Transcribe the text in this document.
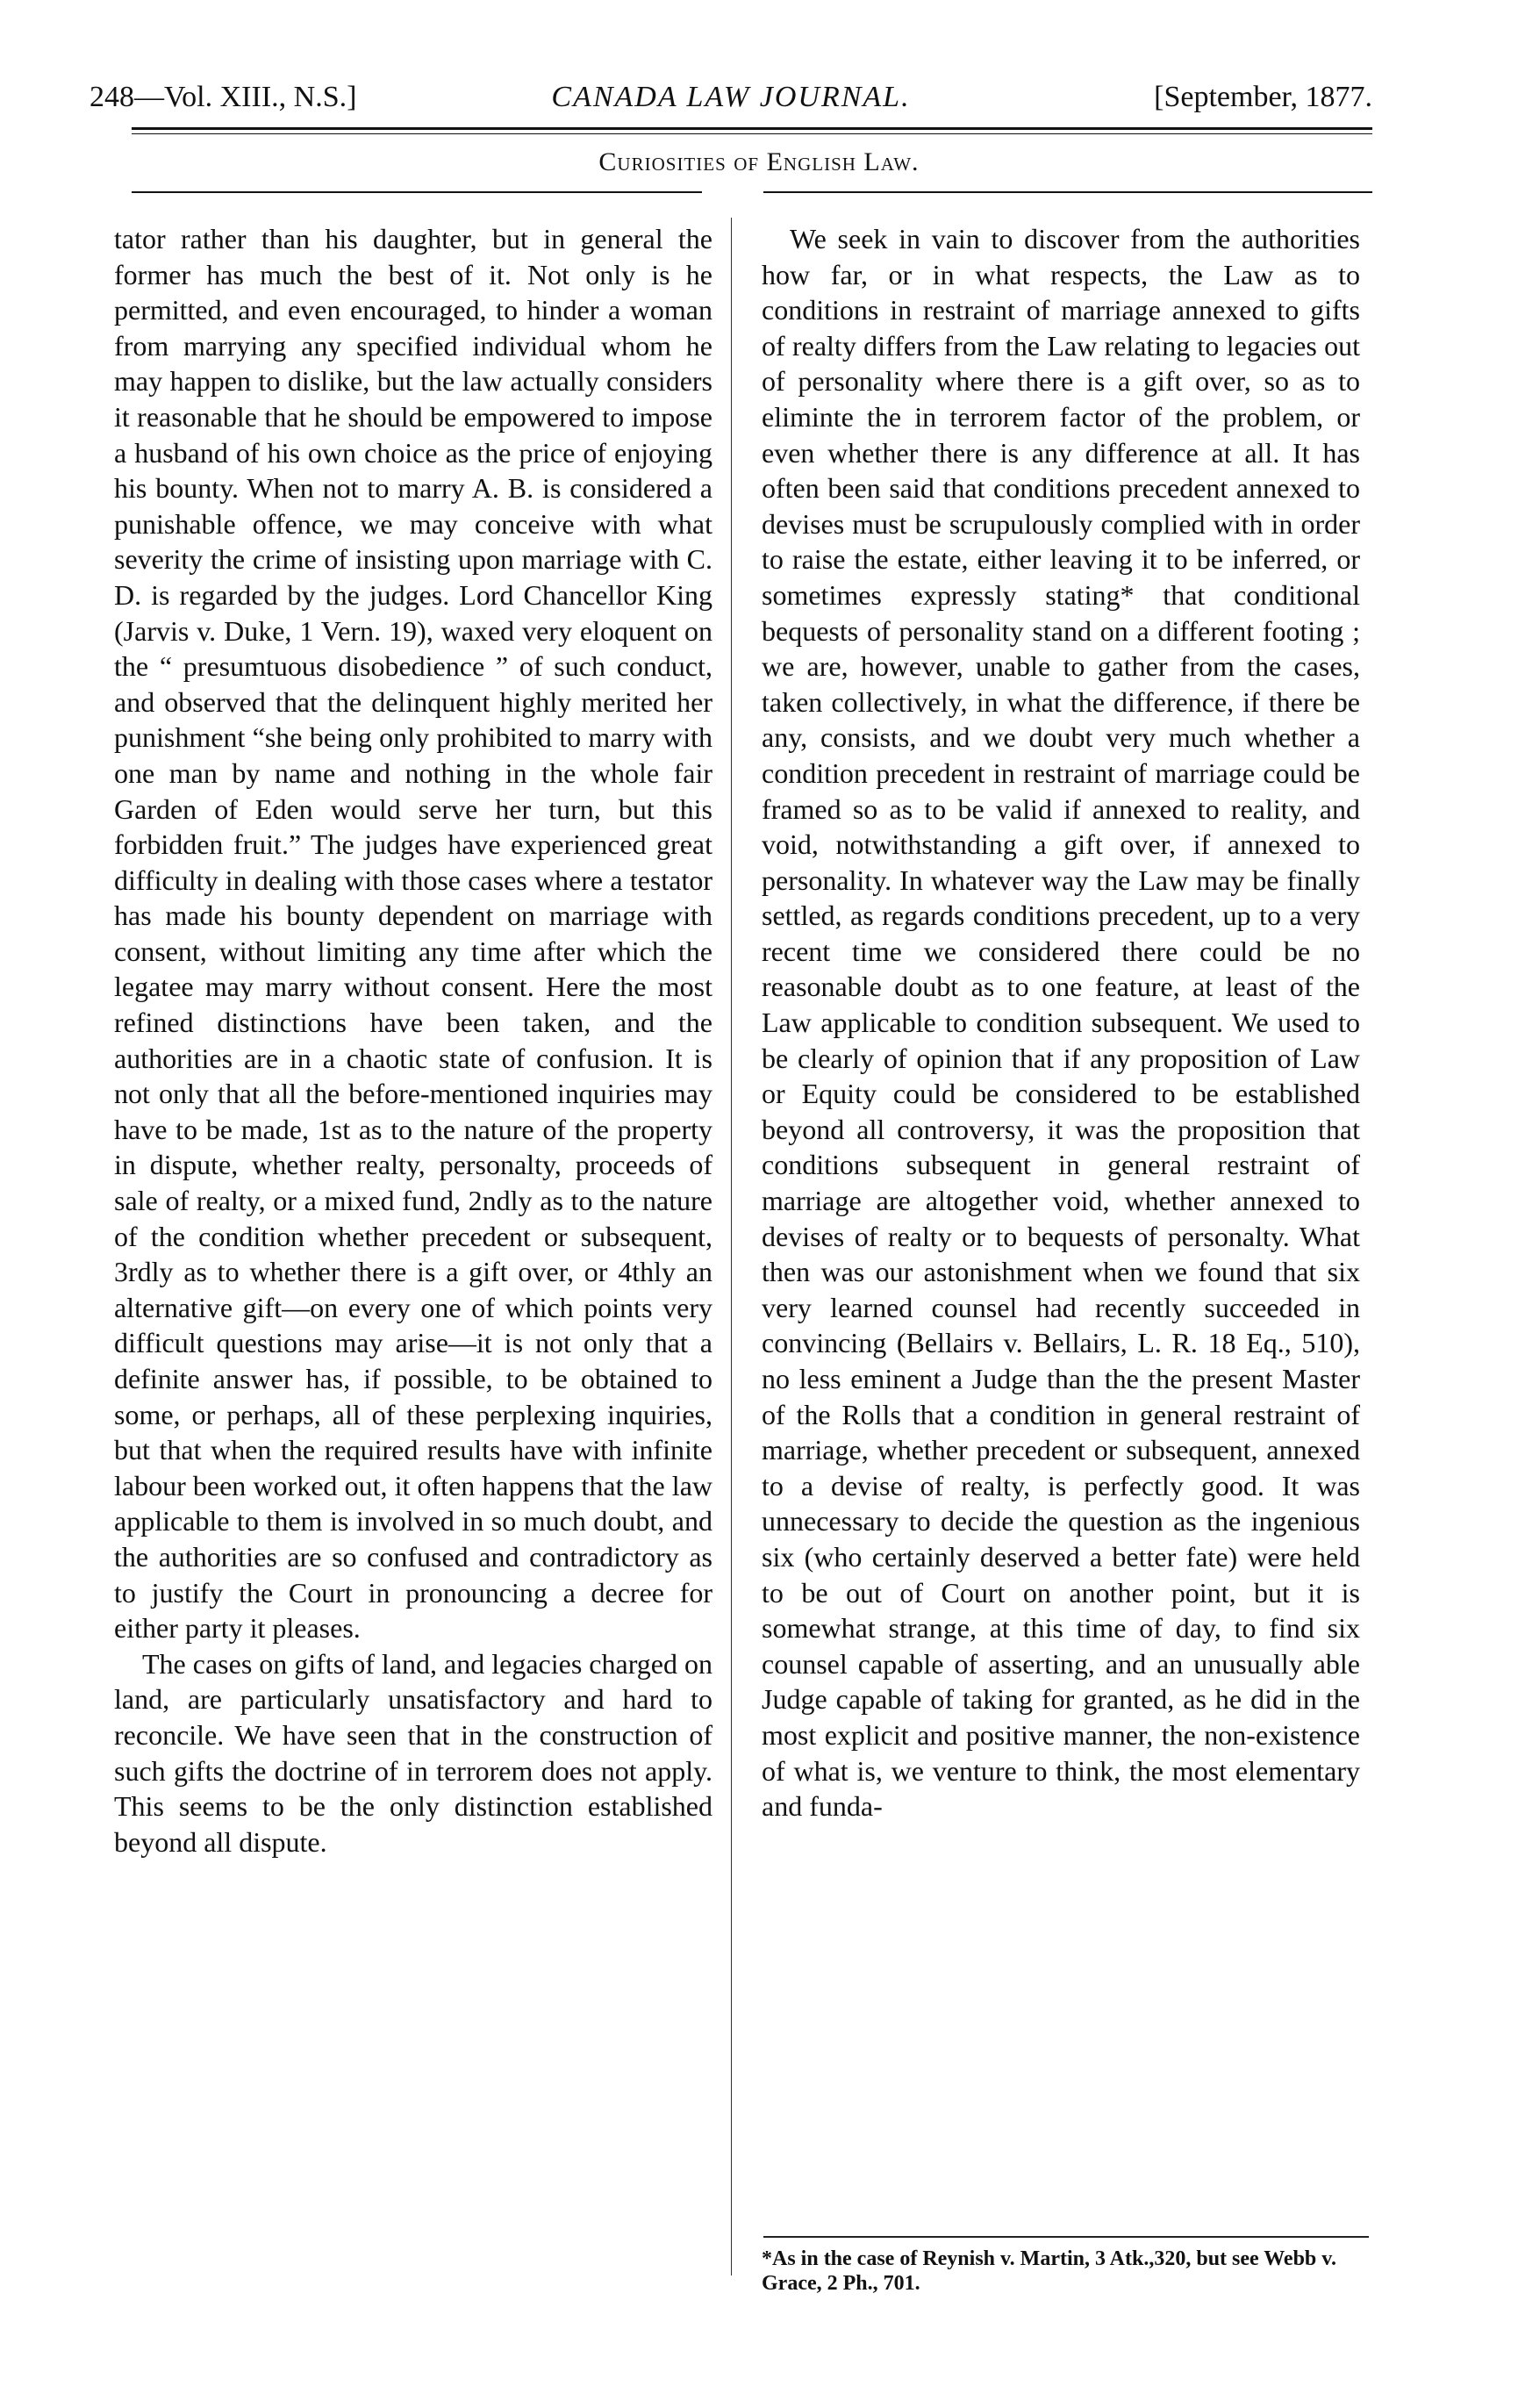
248—Vol. XIII., N.S.]	CANADA LAW JOURNAL.	[September, 1877.
Curiosities of English Law.

tator rather than his daughter, but in general the former has much the best of it. Not only is he permitted, and even encouraged, to hinder a woman from marrying any specified individual whom he may happen to dislike, but the law actually considers it reasonable that he should be empowered to impose a husband of his own choice as the price of enjoying his bounty. When not to marry A. B. is considered a punishable offence, we may conceive with what severity the crime of insisting upon marriage with C. D. is regarded by the judges. Lord Chancellor King (Jarvis v. Duke, 1 Vern. 19), waxed very eloquent on the “ presumtuous disobedience ” of such conduct, and observed that the delinquent highly merited her punishment “she being only prohibited to marry with one man by name and nothing in the whole fair Garden of Eden would serve her turn, but this forbidden fruit.” The judges have experienced great difficulty in dealing with those cases where a testator has made his bounty dependent on marriage with consent, without limiting any time after which the legatee may marry without consent. Here the most refined distinctions have been taken, and the authorities are in a chaotic state of confusion. It is not only that all the before-mentioned inquiries may have to be made, 1st as to the nature of the property in dispute, whether realty, personalty, proceeds of sale of realty, or a mixed fund, 2ndly as to the nature of the condition whether precedent or subsequent, 3rdly as to whether there is a gift over, or 4thly an alternative gift—on every one of which points very difficult questions may arise—it is not only that a definite answer has, if possible, to be obtained to some, or perhaps, all of these perplexing inquiries, but that when the required results have with infinite labour been worked out, it often happens that the law applicable to them is involved in so much doubt, and the authorities are so confused and contradictory as to justify the Court in pronouncing a decree for either party it pleases.

The cases on gifts of land, and legacies charged on land, are particularly unsatisfactory and hard to reconcile. We have seen that in the construction of such gifts the doctrine of in terrorem does not apply. This seems to be the only distinction established beyond all dispute.

We seek in vain to discover from the authorities how far, or in what respects, the Law as to conditions in restraint of marriage annexed to gifts of realty differs from the Law relating to legacies out of personality where there is a gift over, so as to eliminte the in terrorem factor of the problem, or even whether there is any difference at all. It has often been said that conditions precedent annexed to devises must be scrupulously complied with in order to raise the estate, either leaving it to be inferred, or sometimes expressly stating* that conditional bequests of personality stand on a different footing ; we are, however, unable to gather from the cases, taken collectively, in what the difference, if there be any, consists, and we doubt very much whether a condition precedent in restraint of marriage could be framed so as to be valid if annexed to reality, and void, notwithstanding a gift over, if annexed to personality. In whatever way the Law may be finally settled, as regards conditions precedent, up to a very recent time we considered there could be no reasonable doubt as to one feature, at least of the Law applicable to condition subsequent. We used to be clearly of opinion that if any proposition of Law or Equity could be considered to be established beyond all controversy, it was the proposition that conditions subsequent in general restraint of marriage are altogether void, whether annexed to devises of realty or to bequests of personalty. What then was our astonishment when we found that six very learned counsel had recently succeeded in convincing (Bellairs v. Bellairs, L. R. 18 Eq., 510), no less eminent a Judge than the the present Master of the Rolls that a condition in general restraint of marriage, whether precedent or subsequent, annexed to a devise of realty, is perfectly good. It was unnecessary to decide the question as the ingenious six (who certainly deserved a better fate) were held to be out of Court on another point, but it is somewhat strange, at this time of day, to find six counsel capable of asserting, and an unusually able Judge capable of taking for granted, as he did in the most explicit and positive manner, the non-existence of what is, we venture to think, the most elementary and funda-

*As in the case of Reynish v. Martin, 3 Atk.,320, but see Webb v. Grace, 2 Ph., 701.
